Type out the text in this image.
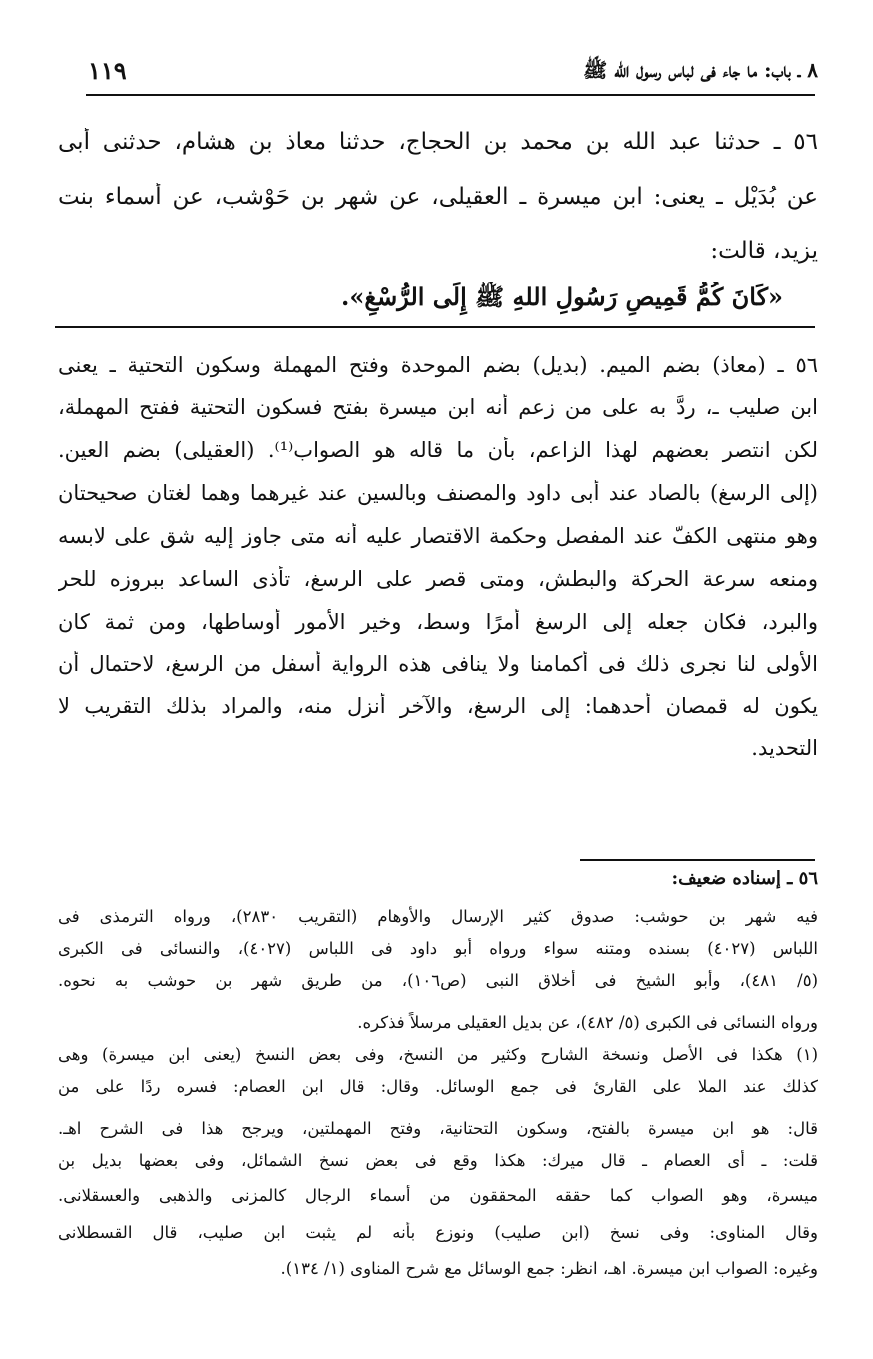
٨ ـ باب: ما جاء فى لباس رسول الله ﷺ
١١٩
٥٦ ـ حدثنا عبد الله بن محمد بن الحجاج، حدثنا معاذ بن هشام، حدثنى أبى
عن بُدَيْل ـ يعنى: ابن ميسرة ـ العقيلى، عن شهر بن حَوْشب، عن أسماء بنت
يزيد، قالت:
«كَانَ كُمُّ قَمِيصِ رَسُولِ اللهِ ﷺ إِلَى الرُّسْغِ».
٥٦ ـ (معاذ) بضم الميم. (بديل) بضم الموحدة وفتح المهملة وسكون التحتية ـ يعنى
ابن صليب ـ، ردَّ به على من زعم أنه ابن ميسرة بفتح فسكون التحتية ففتح المهملة،
لكن انتصر بعضهم لهذا الزاعم، بأن ما قاله هو الصواب⁽¹⁾. (العقيلى) بضم العين.
(إلى الرسغ) بالصاد عند أبى داود والمصنف وبالسين عند غيرهما وهما لغتان صحيحتان
وهو منتهى الكفّ عند المفصل وحكمة الاقتصار عليه أنه متى جاوز إليه شق على لابسه
ومنعه سرعة الحركة والبطش، ومتى قصر على الرسغ، تأذى الساعد ببروزه للحر
والبرد، فكان جعله إلى الرسغ أمرًا وسط، وخير الأمور أوساطها، ومن ثمة كان
الأولى لنا نجرى ذلك فى أكمامنا ولا ينافى هذه الرواية أسفل من الرسغ، لاحتمال أن
يكون له قمصان أحدهما: إلى الرسغ، والآخر أنزل منه، والمراد بذلك التقريب لا
التحديد.
٥٦ ـ إسناده ضعيف:
فيه شهر بن حوشب: صدوق كثير الإرسال والأوهام (التقريب ٢٨٣٠)، ورواه الترمذى فى
اللباس (٤٠٢٧) بسنده ومتنه سواء ورواه أبو داود فى اللباس (٤٠٢٧)، والنسائى فى الكبرى
(٥/ ٤٨١)، وأبو الشيخ فى أخلاق النبى (ص١٠٦)، من طريق شهر بن حوشب به نحوه.
ورواه النسائى فى الكبرى (٥/ ٤٨٢)، عن بديل العقيلى مرسلاً فذكره.
(١) هكذا فى الأصل ونسخة الشارح وكثير من النسخ، وفى بعض النسخ (يعنى ابن ميسرة) وهى
كذلك عند الملا على القارئ فى جمع الوسائل. وقال: قال ابن العصام: فسره ردًا على من
قال: هو ابن ميسرة بالفتح، وسكون التحتانية، وفتح المهملتين، ويرجح هذا فى الشرح اهـ.
قلت: ـ أى العصام ـ قال ميرك: هكذا وقع فى بعض نسخ الشمائل، وفى بعضها بديل بن
ميسرة، وهو الصواب كما حققه المحققون من أسماء الرجال كالمزنى والذهبى والعسقلانى.
وقال المناوى: وفى نسخ (ابن صليب) ونوزع بأنه لم يثبت ابن صليب، قال القسطلانى
وغيره: الصواب ابن ميسرة. اهـ، انظر: جمع الوسائل مع شرح المناوى (١/ ١٣٤).
